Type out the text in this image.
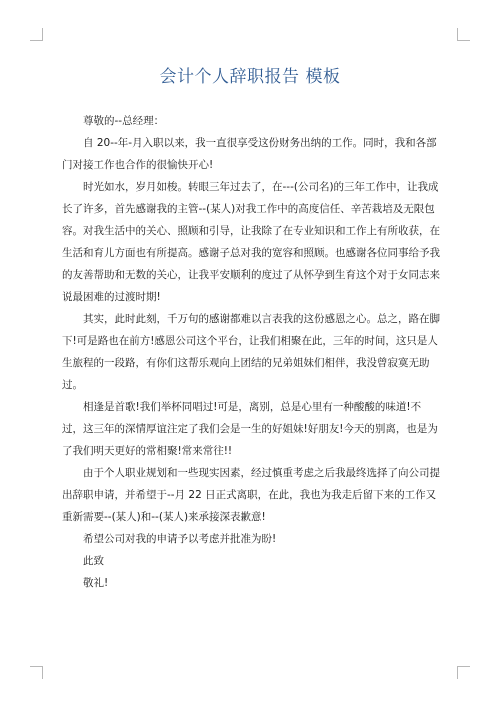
会计个人辞职报告 模板

尊敬的--总经理：

自 20--年-月入职以来，我一直很享受这份财务出纳的工作。同时，我和各部门对接工作也合作的很愉快开心!

时光如水，岁月如梭。转眼三年过去了，在---(公司名)的三年工作中，让我成长了许多，首先感谢我的主管--(某人)对我工作中的高度信任、辛苦栽培及无限包容。对我生活中的关心、照顾和引导，让我除了在专业知识和工作上有所收获，在生活和育儿方面也有所提高。感谢子总对我的宽容和照顾。也感谢各位同事给予我的友善帮助和无数的关心，让我平安顺利的度过了从怀孕到生育这个对于女同志来说最困难的过渡时期!

其实，此时此刻，千万句的感谢都难以言表我的这份感恩之心。总之，路在脚下!可是路也在前方!感恩公司这个平台，让我们相聚在此，三年的时间，这只是人生旅程的一段路，有你们这帮乐观向上团结的兄弟姐妹们相伴，我没曾寂寞无助过。

相逢是首歌!我们举杯同唱过!可是，离别，总是心里有一种酸酸的味道!不过，这三年的深情厚谊注定了我们会是一生的好姐妹!好朋友!今天的别离，也是为了我们明天更好的常相聚!常来常往!!

由于个人职业规划和一些现实因素，经过慎重考虑之后我最终选择了向公司提出辞职申请，并希望于--月 22 日正式离职，在此，我也为我走后留下来的工作又重新需要--(某人)和--(某人)来承接深表歉意!

希望公司对我的申请予以考虑并批准为盼!

此致

敬礼!
